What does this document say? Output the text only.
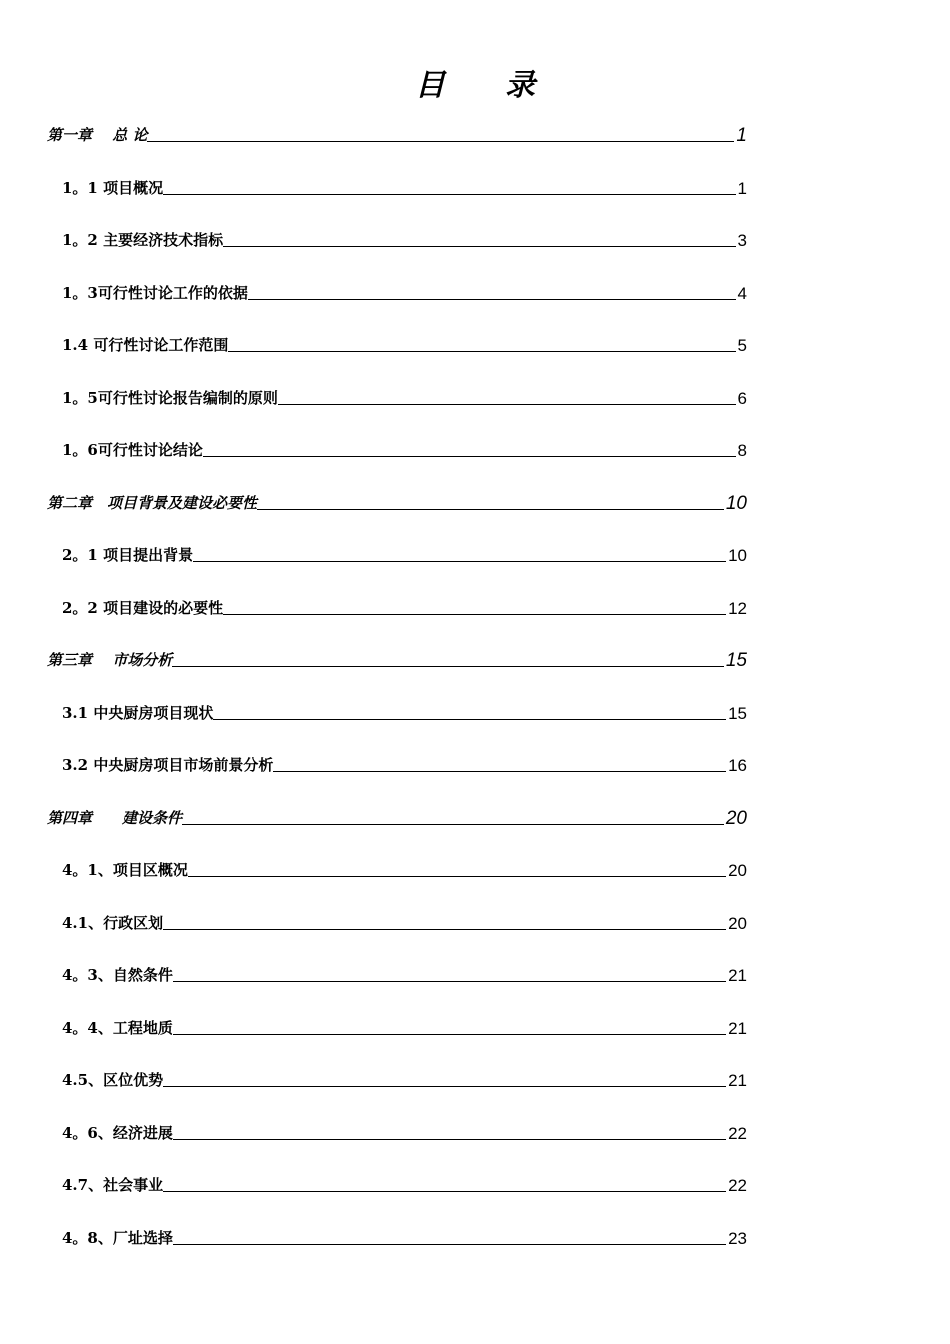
目录
第一章　 总 论	1
1。1 项目概况	1
1。2 主要经济技术指标	3
1。3可行性讨论工作的依据	4
1.4 可行性讨论工作范围	5
1。5可行性讨论报告编制的原则	6
1。6可行性讨论结论	8
第二章　项目背景及建设必要性	10
2。1 项目提出背景	10
2。2 项目建设的必要性	12
第三章　 市场分析	15
3.1 中央厨房项目现状	15
3.2 中央厨房项目市场前景分析	16
第四章　　建设条件	20
4。1、项目区概况	20
4.1、行政区划	20
4。3、自然条件	21
4。4、工程地质	21
4.5、区位优势	21
4。6、经济进展	22
4.7、社会事业	22
4。8、厂址选择	23
